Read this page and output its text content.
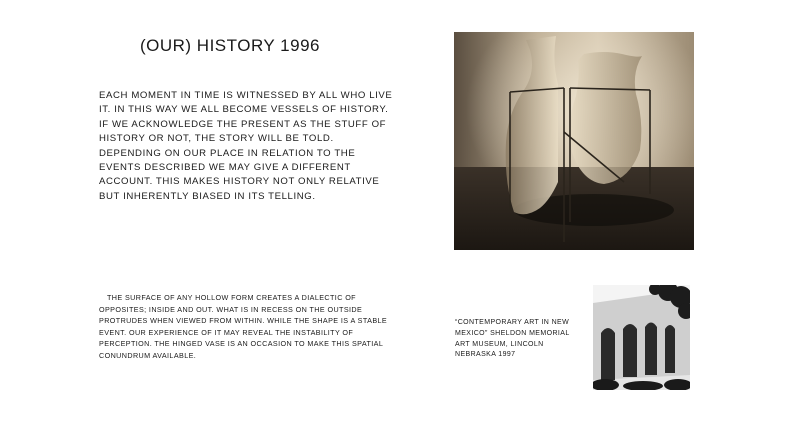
(OUR) HISTORY 1996

EACH MOMENT IN TIME IS WITNESSED BY ALL WHO LIVE IT. IN THIS WAY WE ALL BECOME VESSELS OF HISTORY. IF WE ACKNOWLEDGE THE PRESENT AS THE STUFF OF HISTORY OR NOT, THE STORY WILL BE TOLD. DEPENDING ON OUR PLACE IN RELATION TO THE EVENTS DESCRIBED WE MAY GIVE A DIFFERENT ACCOUNT. THIS MAKES HISTORY NOT ONLY RELATIVE BUT INHERENTLY BIASED IN ITS TELLING.

THE SURFACE OF ANY HOLLOW FORM CREATES A DIALECTIC OF OPPOSITES; INSIDE AND OUT. WHAT IS IN RECESS ON THE OUTSIDE PROTRUDES WHEN VIEWED FROM WITHIN. WHILE THE SHAPE IS A STABLE EVENT. OUR EXPERIENCE OF IT MAY REVEAL THE INSTABILITY OF PERCEPTION. THE HINGED VASE IS AN OCCASION TO MAKE THIS SPATIAL CONUNDRUM AVAILABLE.

“CONTEMPORARY ART IN NEW MEXICO” SHELDON MEMORIAL ART MUSEUM, LINCOLN NEBRASKA 1997
